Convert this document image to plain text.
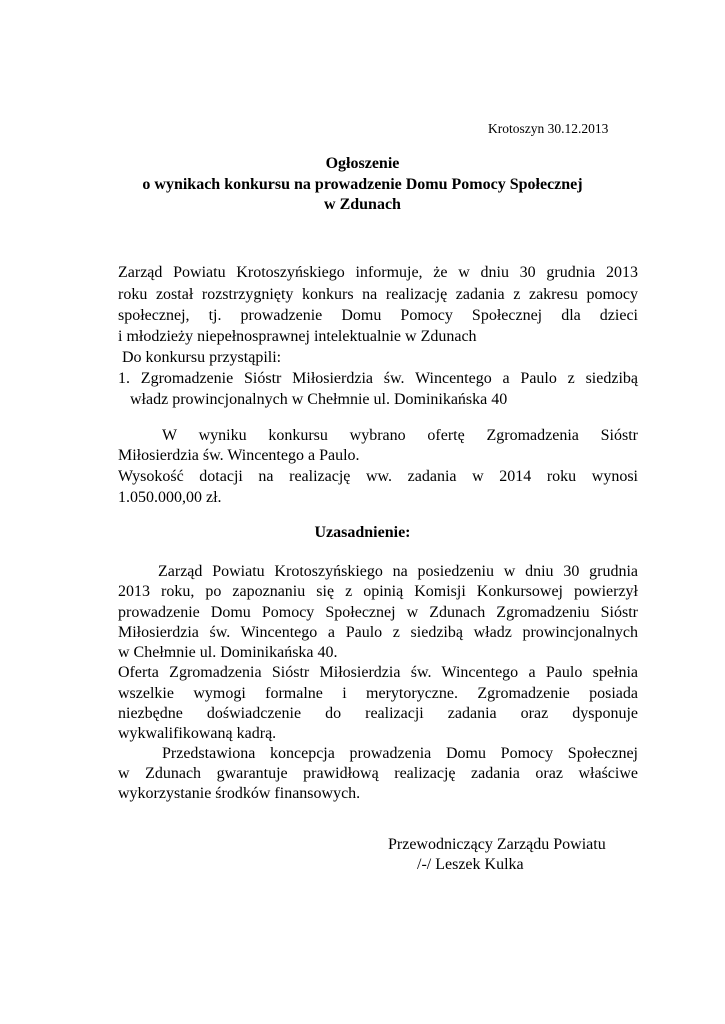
Krotoszyn 30.12.2013
Ogłoszenie
o wynikach konkursu na prowadzenie Domu Pomocy Społecznej
w Zdunach
Zarząd Powiatu Krotoszyńskiego informuje, że w dniu 30 grudnia 2013
roku został rozstrzygnięty konkurs na realizację zadania z zakresu pomocy
społecznej, tj. prowadzenie Domu Pomocy Społecznej dla dzieci
i młodzieży niepełnosprawnej intelektualnie w Zdunach
Do konkursu przystąpili:
1. Zgromadzenie Sióstr Miłosierdzia św. Wincentego a Paulo z siedzibą
władz prowincjonalnych w Chełmnie ul. Dominikańska 40
W wyniku konkursu wybrano ofertę Zgromadzenia Sióstr
Miłosierdzia św. Wincentego a Paulo.
Wysokość dotacji na realizację ww. zadania w 2014 roku wynosi
1.050.000,00 zł.
Uzasadnienie:
Zarząd Powiatu Krotoszyńskiego na posiedzeniu w dniu 30 grudnia
2013 roku, po zapoznaniu się z opinią Komisji Konkursowej powierzył
prowadzenie Domu Pomocy Społecznej w Zdunach Zgromadzeniu Sióstr
Miłosierdzia św. Wincentego a Paulo z siedzibą władz prowincjonalnych
w Chełmnie ul. Dominikańska 40.
Oferta Zgromadzenia Sióstr Miłosierdzia św. Wincentego a Paulo spełnia
wszelkie wymogi formalne i merytoryczne. Zgromadzenie posiada
niezbędne doświadczenie do realizacji zadania oraz dysponuje
wykwalifikowaną kadrą.
Przedstawiona koncepcja prowadzenia Domu Pomocy Społecznej
w Zdunach gwarantuje prawidłową realizację zadania oraz właściwe
wykorzystanie środków finansowych.
Przewodniczący Zarządu Powiatu
/-/ Leszek Kulka
